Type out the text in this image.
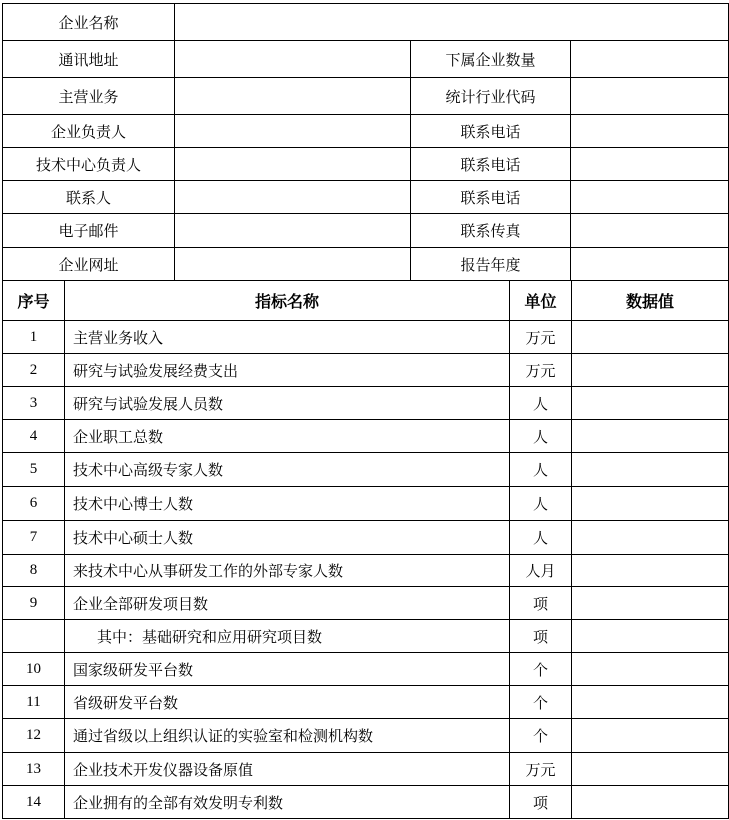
企业名称			
通讯地址		下属企业数量	
主营业务		统计行业代码	
企业负责人		联系电话	
技术中心负责人		联系电话	
联系人		联系电话	
电子邮件		联系传真	
企业网址		报告年度	
序号	指标名称	单位	数据值
1	主营业务收入	万元	
2	研究与试验发展经费支出	万元	
3	研究与试验发展人员数	人	
4	企业职工总数	人	
5	技术中心高级专家人数	人	
6	技术中心博士人数	人	
7	技术中心硕士人数	人	
8	来技术中心从事研发工作的外部专家人数	人月	
9	企业全部研发项目数	项	
	其中：基础研究和应用研究项目数	项	
10	国家级研发平台数	个	
11	省级研发平台数	个	
12	通过省级以上组织认证的实验室和检测机构数	个	
13	企业技术开发仪器设备原值	万元	
14	企业拥有的全部有效发明专利数	项	
